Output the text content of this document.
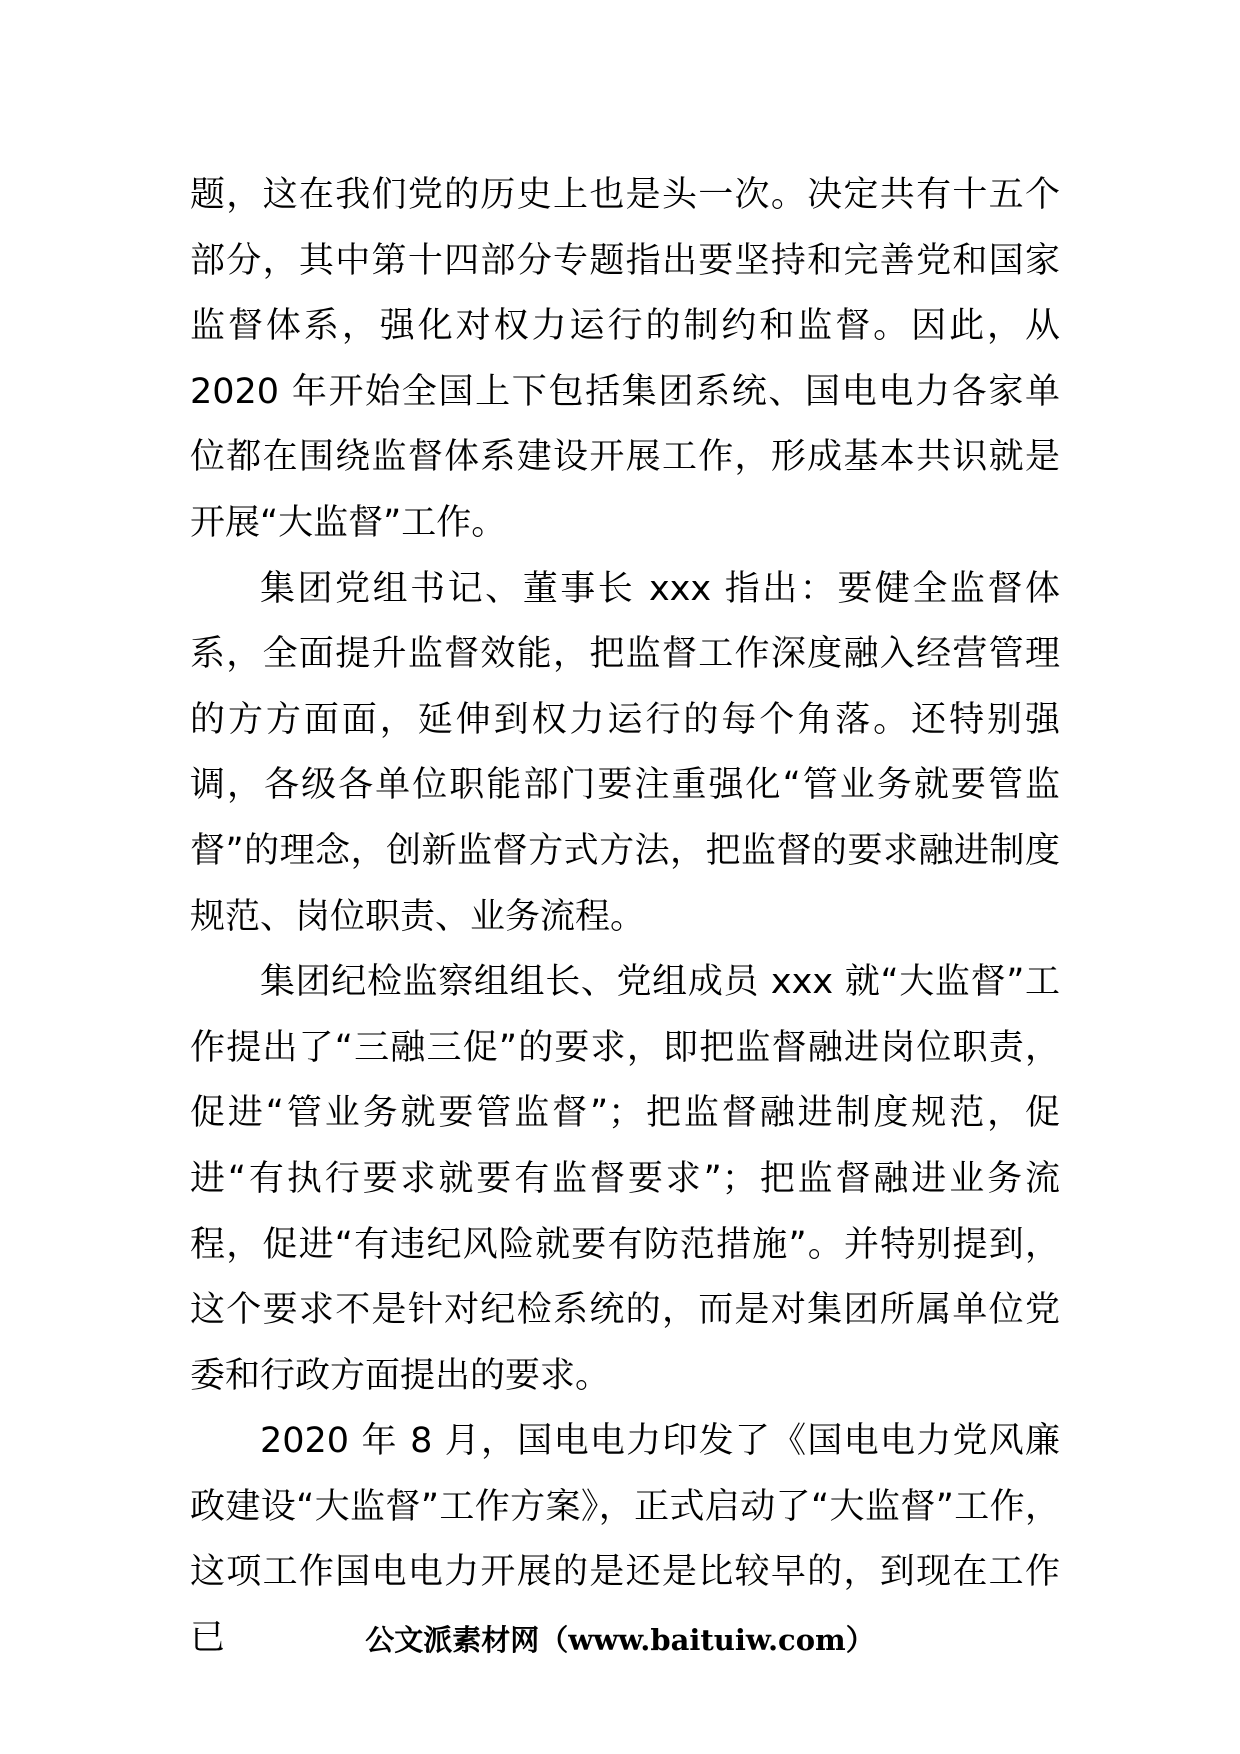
题，这在我们党的历史上也是头一次。决定共有十五个部分，其中第十四部分专题指出要坚持和完善党和国家监督体系，强化对权力运行的制约和监督。因此，从 2020 年开始全国上下包括集团系统、国电电力各家单位都在围绕监督体系建设开展工作，形成基本共识就是开展“大监督”工作。

集团党组书记、董事长 xxx 指出：要健全监督体系，全面提升监督效能，把监督工作深度融入经营管理的方方面面，延伸到权力运行的每个角落。还特别强调，各级各单位职能部门要注重强化“管业务就要管监督”的理念，创新监督方式方法，把监督的要求融进制度规范、岗位职责、业务流程。

集团纪检监察组组长、党组成员 xxx 就“大监督”工作提出了“三融三促”的要求，即把监督融进岗位职责，促进“管业务就要管监督”；把监督融进制度规范，促进“有执行要求就要有监督要求”；把监督融进业务流程，促进“有违纪风险就要有防范措施”。并特别提到，这个要求不是针对纪检系统的，而是对集团所属单位党委和行政方面提出的要求。

2020 年 8 月，国电电力印发了《国电电力党风廉政建设“大监督”工作方案》，正式启动了“大监督”工作，这项工作国电电力开展的是还是比较早的，到现在工作已	公文派素材网（www.baituiw.com）
